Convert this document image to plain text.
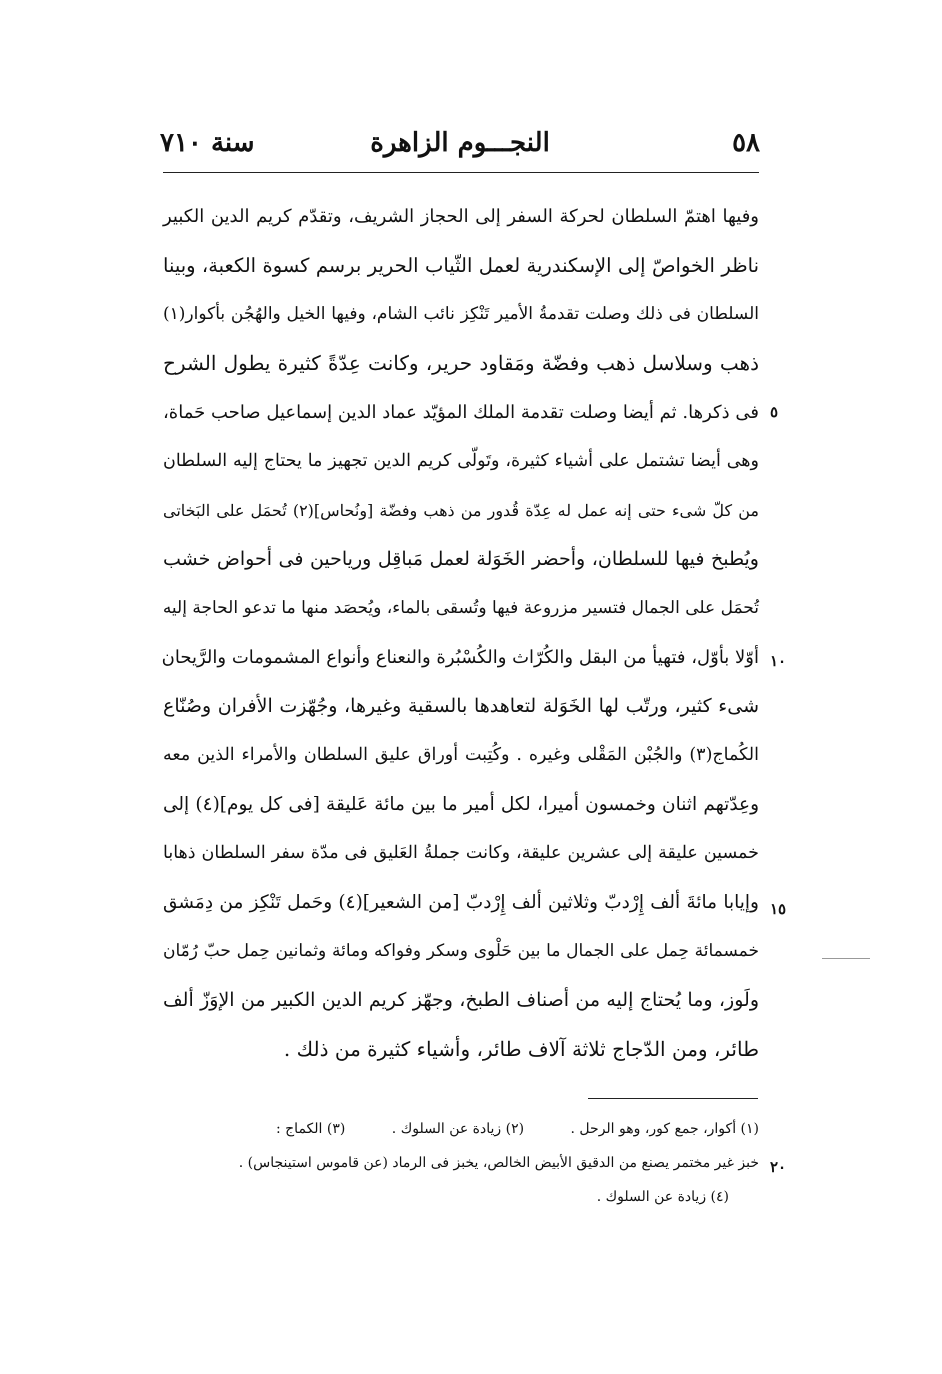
٥٨
النجـــوم الزاهرة
سنة ٧١٠
وفيها اهتمّ السلطان لحركة السفر إلى الحجاز الشريف، وتقدّم كريم الدين الكبير
ناظر الخواصّ إلى الإسكندرية لعمل الثّياب الحرير برسم كسوة الكعبة، وبينا
السلطان فى ذلك وصلت تقدمةُ الأمير تَنْكِز نائب الشام، وفيها الخيل والهُجُن بأكوار(١)
ذهب وسلاسل ذهب وفضّة ومَقاود حرير، وكانت عِدّةً كثيرة يطول الشرح
فى ذكرها. ثم أيضا وصلت تقدمة الملك المؤيّد عماد الدين إسماعيل صاحب حَماة،
وهى أيضا تشتمل على أشياء كثيرة، وتَولّى كريم الدين تجهيز ما يحتاج إليه السلطان
من كلّ شىء حتى إنه عمل له عِدّة قُدور من ذهب وفضّة [ونُحاس](٢) تُحمَل على البَخاتى
ويُطبخ فيها للسلطان، وأحضر الخَوَلة لعمل مَباقِل ورياحين فى أحواض خشب
تُحمَل على الجمال فتسير مزروعة فيها وتُسقى بالماء، ويُحصَد منها ما تدعو الحاجة إليه
أوّلا بأوّل، فتهيأ من البقل والكُرّاث والكُسْبُرة والنعناع وأنواع المشمومات والرَّيحان
شىء كثير، ورتّب لها الخَوَلة لتعاهدها بالسقية وغيرها، وجُهّزت الأفران وصُنّاع
الكُماج(٣) والجُبْن المَقْلى وغيره . وكُتِبت أوراق عليق السلطان والأمراء الذين معه
وعِدّتهم اثنان وخمسون أميرا، لكل أمير ما بين مائة عَليقة [فى كل يوم](٤) إلى
خمسين عليقة إلى عشرين عليقة، وكانت جملةُ العَليق فى مدّة سفر السلطان ذهابا
وإيابا مائةَ ألف إِرْدبّ وثلاثين ألف إِرْدبّ [من الشعير](٤) وحَمل تَنْكِز من دِمَشق
خمسمائة حِمل على الجمال ما بين حَلْوى وسكر وفواكه ومائة وثمانين حِمل حبّ رُمّان
ولَوز، وما يُحتاج إليه من أصناف الطبخ، وجهّز كريم الدين الكبير من الإوَزّ ألف
طائر، ومن الدّجاج ثلاثة آلاف طائر، وأشياء كثيرة من ذلك .
٥
١٠
١٥
٢٠
(١) أكوار، جمع كور، وهو الرحل . (٢) زيادة عن السلوك . (٣) الكماج :
خبز غير مختمر يصنع من الدقيق الأبيض الخالص، يخبز فى الرماد (عن قاموس استينجاس) .
(٤) زيادة عن السلوك .
